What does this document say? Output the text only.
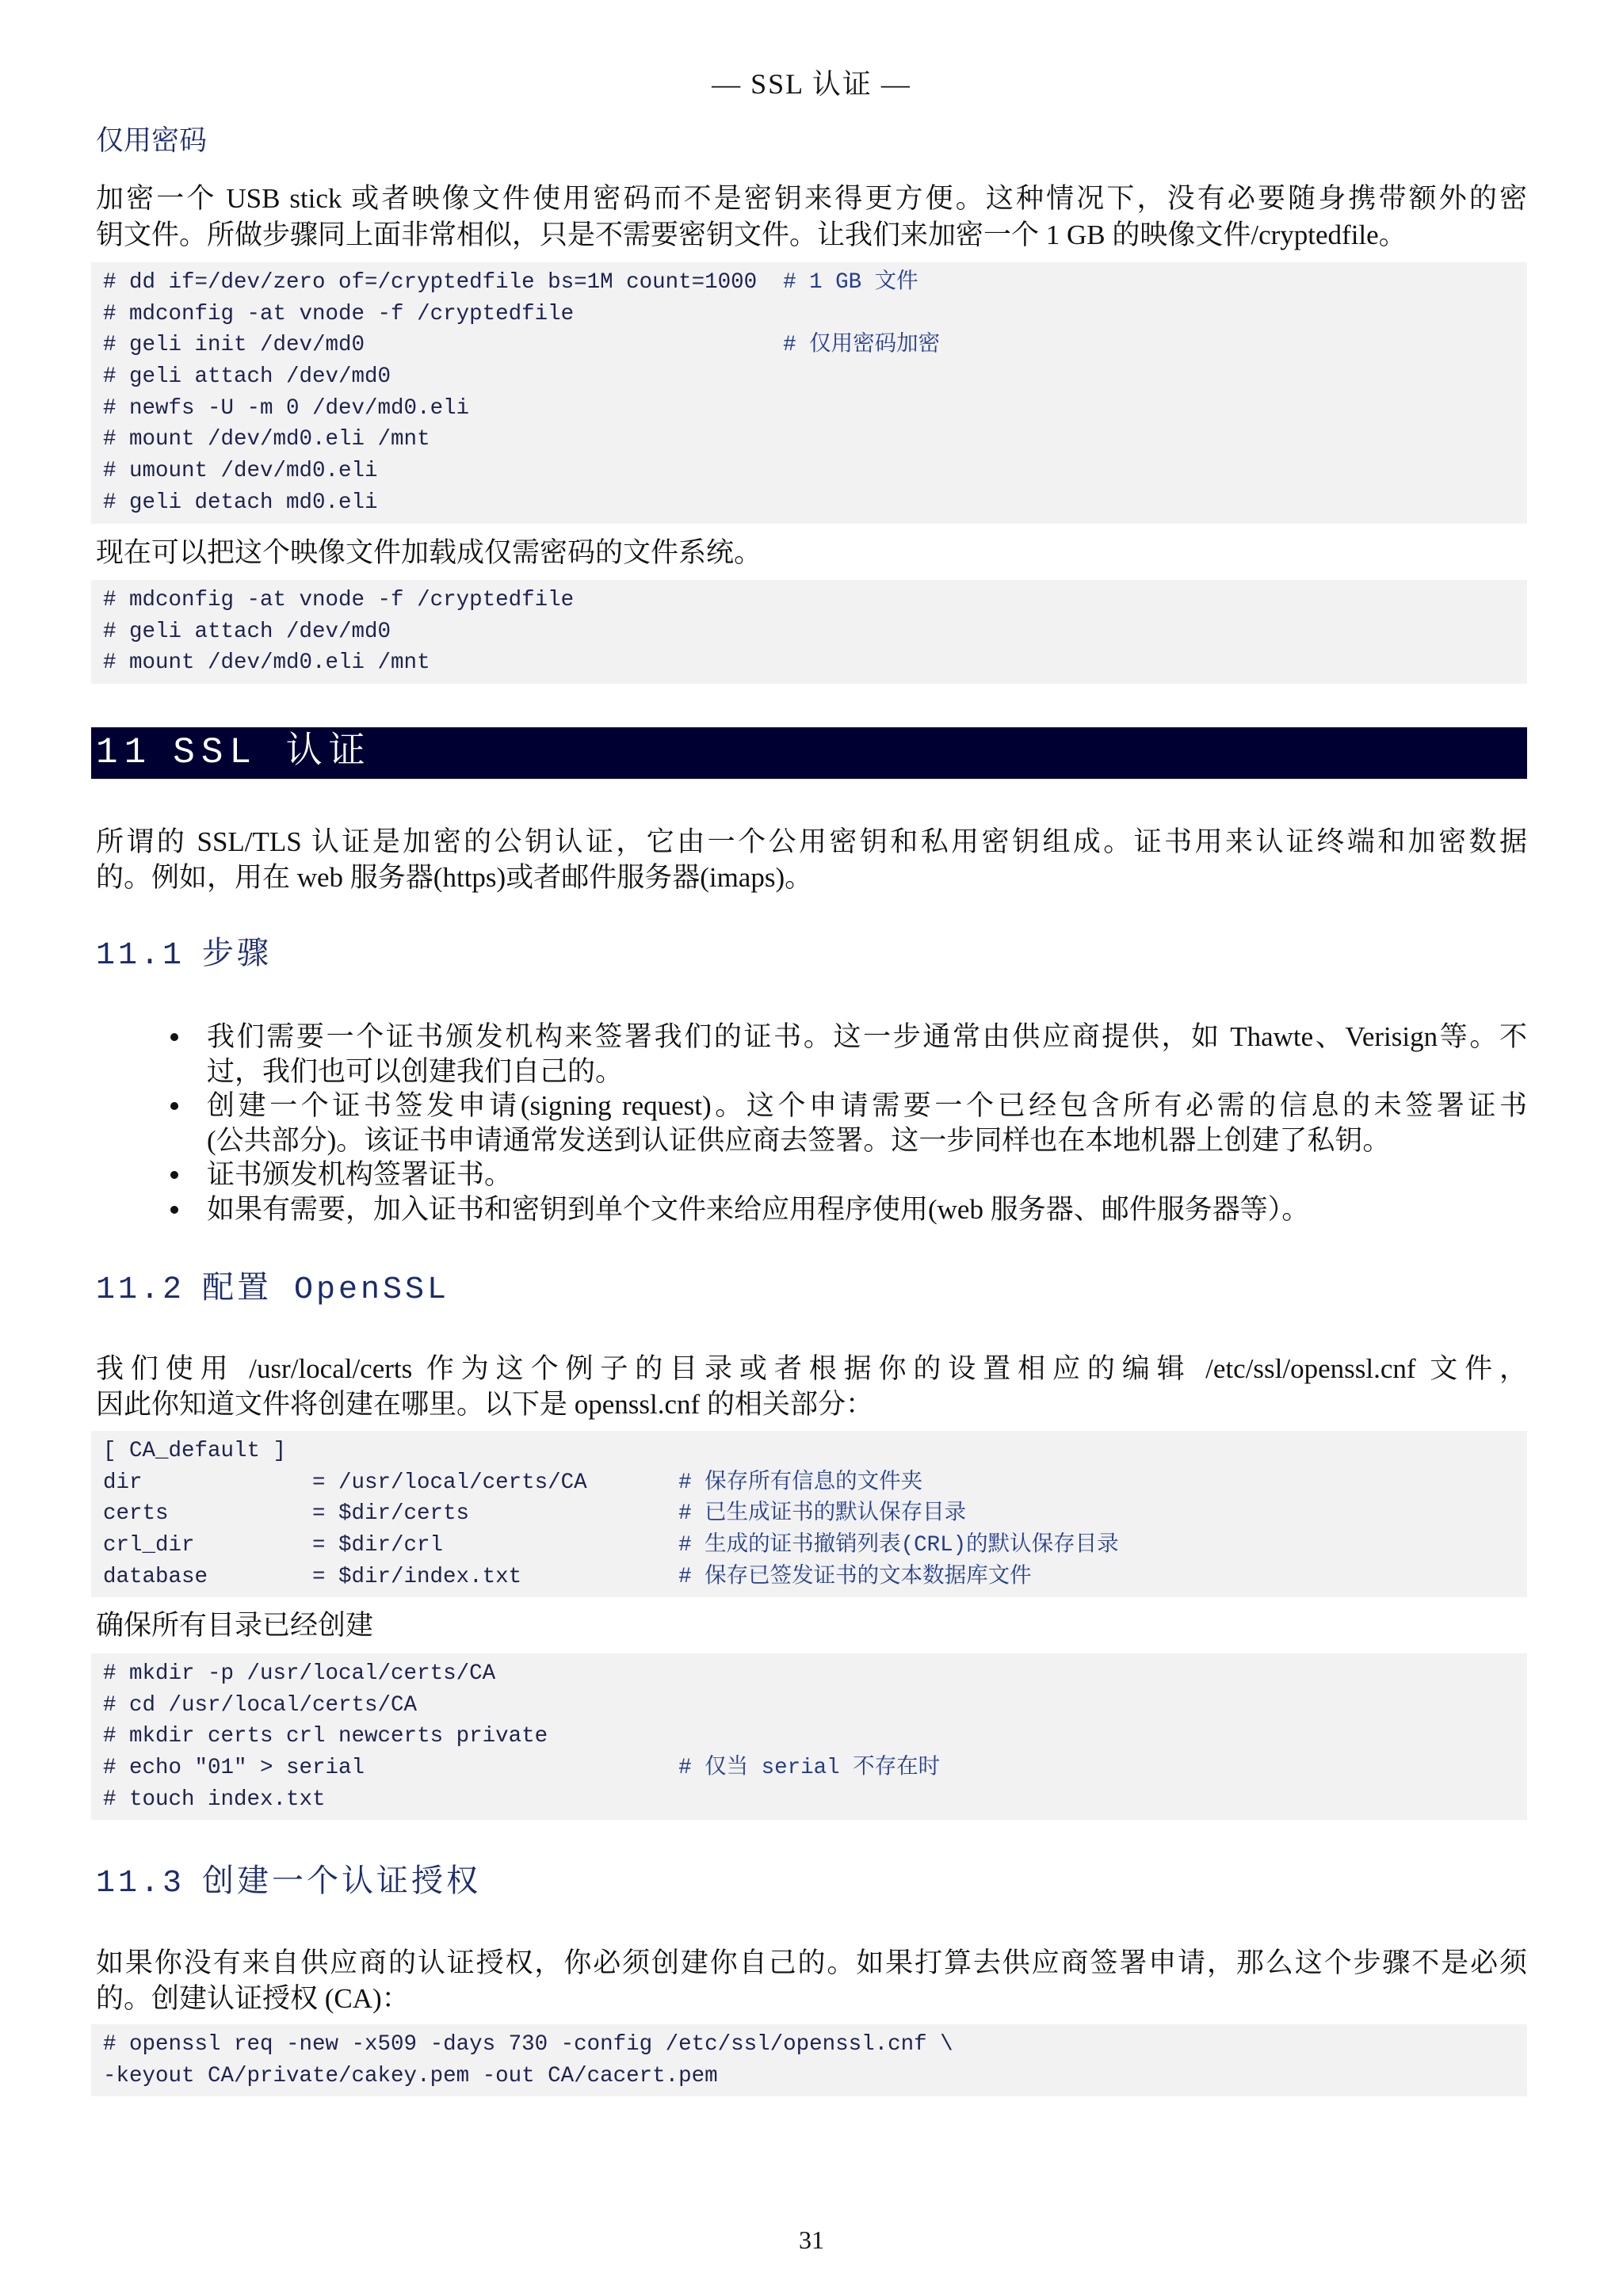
— SSL 认证 —
仅用密码
加密一个 USB stick 或者映像文件使用密码而不是密钥来得更方便。这种情况下，没有必要随身携带额外的密
钥文件。所做步骤同上面非常相似，只是不需要密钥文件。让我们来加密一个 1 GB 的映像文件/cryptedfile。
# dd if=/dev/zero of=/cryptedfile bs=1M count=1000 # 1 GB 文件
# mdconfig -at vnode -f /cryptedfile
# geli init /dev/md0	# 仅用密码加密
# geli attach /dev/md0
# newfs -U -m 0 /dev/md0.eli
# mount /dev/md0.eli /mnt
# umount /dev/md0.eli
# geli detach md0.eli
现在可以把这个映像文件加载成仅需密码的文件系统。
# mdconfig -at vnode -f /cryptedfile
# geli attach /dev/md0
# mount /dev/md0.eli /mnt
11 SSL 认证
所谓的 SSL/TLS 认证是加密的公钥认证，它由一个公用密钥和私用密钥组成。证书用来认证终端和加密数据
的。例如，用在 web 服务器(https)或者邮件服务器(imaps)。
11.1 步骤
我们需要一个证书颁发机构来签署我们的证书。这一步通常由供应商提供，如 Thawte、Verisign等。不
过，我们也可以创建我们自己的。
创建一个证书签发申请(signing request)。这个申请需要一个已经包含所有必需的信息的未签署证书
(公共部分)。该证书申请通常发送到认证供应商去签署。这一步同样也在本地机器上创建了私钥。
证书颁发机构签署证书。
如果有需要，加入证书和密钥到单个文件来给应用程序使用(web 服务器、邮件服务器等）。
11.2 配置 OpenSSL
我们使用 /usr/local/certs 作为这个例子的目录或者根据你的设置相应的编辑 /etc/ssl/openssl.cnf 文件，
因此你知道文件将创建在哪里。以下是 openssl.cnf 的相关部分：
[ CA_default ]
dir	= /usr/local/certs/CA	# 保存所有信息的文件夹
certs	= $dir/certs	# 已生成证书的默认保存目录
crl_dir	= $dir/crl	# 生成的证书撤销列表(CRL)的默认保存目录
database	= $dir/index.txt	# 保存已签发证书的文本数据库文件
确保所有目录已经创建
# mkdir -p /usr/local/certs/CA
# cd /usr/local/certs/CA
# mkdir certs crl newcerts private
# echo "01" > serial	# 仅当 serial 不存在时
# touch index.txt
11.3 创建一个认证授权
如果你没有来自供应商的认证授权，你必须创建你自己的。如果打算去供应商签署申请，那么这个步骤不是必须
的。创建认证授权 (CA)：
# openssl req -new -x509 -days 730 -config /etc/ssl/openssl.cnf \
-keyout CA/private/cakey.pem -out CA/cacert.pem
31
